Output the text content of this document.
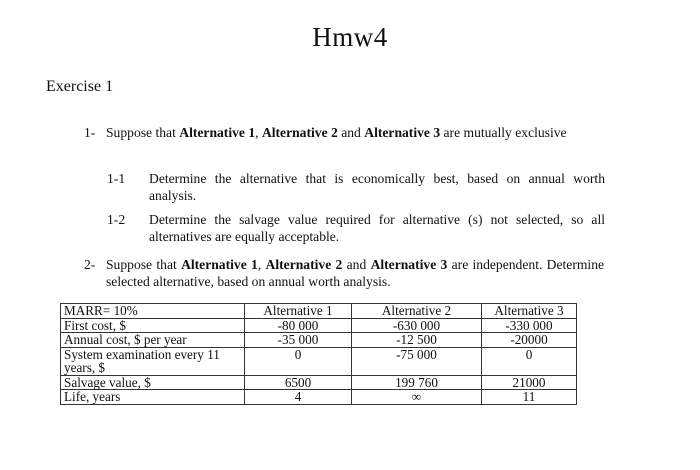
Hmw4
Exercise 1
1- Suppose that Alternative 1, Alternative 2 and Alternative 3 are mutually exclusive
1-1 Determine the alternative that is economically best, based on annual worth analysis.
1-2 Determine the salvage value required for alternative (s) not selected, so all alternatives are equally acceptable.
2- Suppose that Alternative 1, Alternative 2 and Alternative 3 are independent. Determine selected alternative, based on annual worth analysis.
MARR= 10%	Alternative 1	Alternative 2	Alternative 3
First cost, $	-80 000	-630 000	-330 000
Annual cost, $ per year	-35 000	-12 500	-20000
System examination every 11 years, $	0	-75 000	0
Salvage value, $	6500	199 760	21000
Life, years	4	∞	11
